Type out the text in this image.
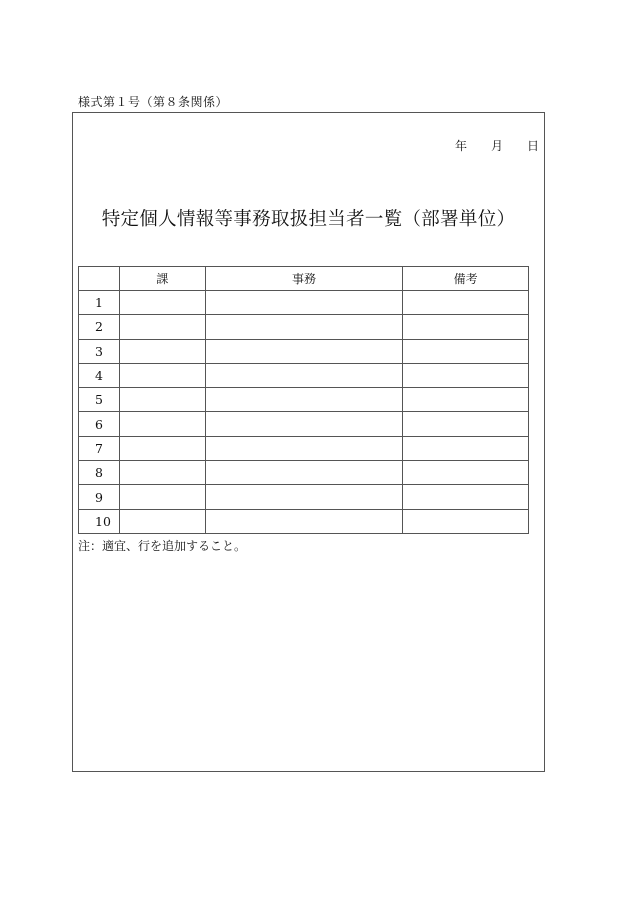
様式第１号（第８条関係）
年 月 日
特定個人情報等事務取扱担当者一覧（部署単位）
	課	事務	備考
1			
2			
3			
4			
5			
6			
7			
8			
9			
10			
注：適宜、行を追加すること。
